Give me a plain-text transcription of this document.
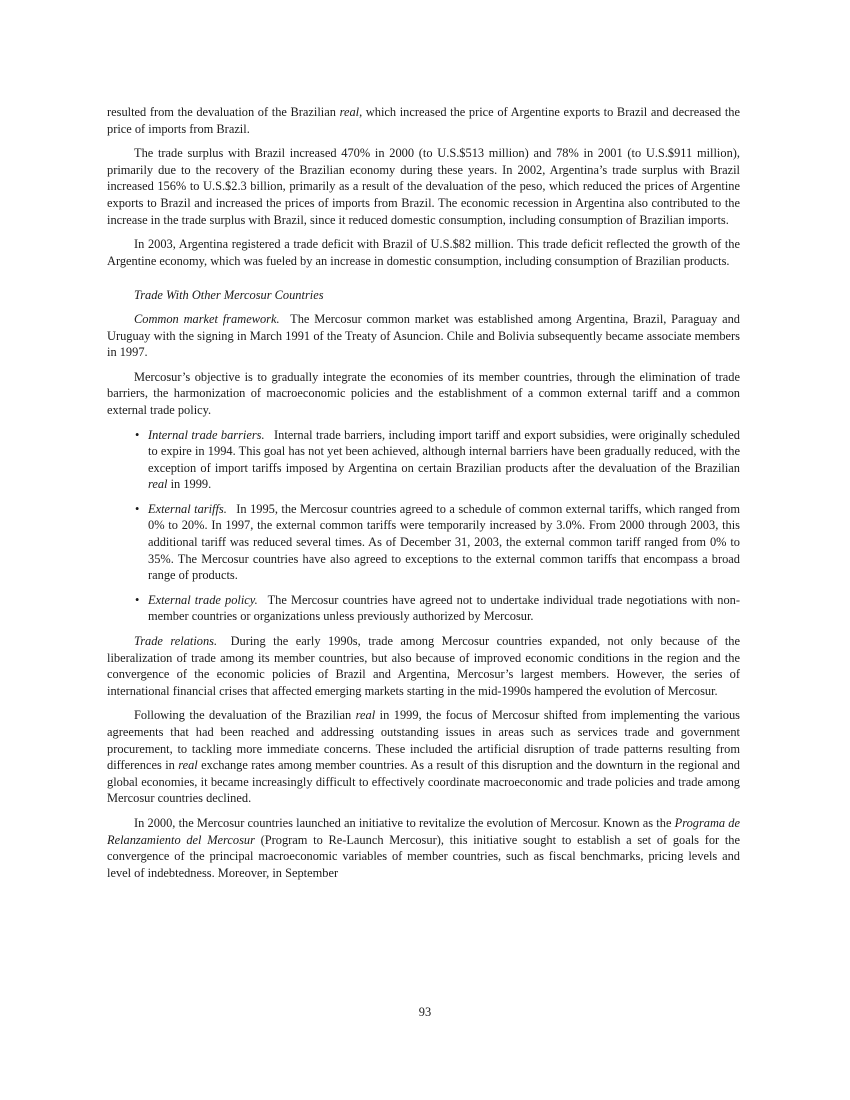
resulted from the devaluation of the Brazilian real, which increased the price of Argentine exports to Brazil and decreased the price of imports from Brazil.

The trade surplus with Brazil increased 470% in 2000 (to U.S.$513 million) and 78% in 2001 (to U.S.$911 million), primarily due to the recovery of the Brazilian economy during these years. In 2002, Argentina’s trade surplus with Brazil increased 156% to U.S.$2.3 billion, primarily as a result of the devaluation of the peso, which reduced the prices of Argentine exports to Brazil and increased the prices of imports from Brazil. The economic recession in Argentina also contributed to the increase in the trade surplus with Brazil, since it reduced domestic consumption, including consumption of Brazilian imports.

In 2003, Argentina registered a trade deficit with Brazil of U.S.$82 million. This trade deficit reflected the growth of the Argentine economy, which was fueled by an increase in domestic consumption, including consumption of Brazilian products.

Trade With Other Mercosur Countries

Common market framework. The Mercosur common market was established among Argentina, Brazil, Paraguay and Uruguay with the signing in March 1991 of the Treaty of Asuncion. Chile and Bolivia subsequently became associate members in 1997.

Mercosur’s objective is to gradually integrate the economies of its member countries, through the elimination of trade barriers, the harmonization of macroeconomic policies and the establishment of a common external tariff and a common external trade policy.

• Internal trade barriers. Internal trade barriers, including import tariff and export subsidies, were originally scheduled to expire in 1994. This goal has not yet been achieved, although internal barriers have been gradually reduced, with the exception of import tariffs imposed by Argentina on certain Brazilian products after the devaluation of the Brazilian real in 1999.
• External tariffs. In 1995, the Mercosur countries agreed to a schedule of common external tariffs, which ranged from 0% to 20%. In 1997, the external common tariffs were temporarily increased by 3.0%. From 2000 through 2003, this additional tariff was reduced several times. As of December 31, 2003, the external common tariff ranged from 0% to 35%. The Mercosur countries have also agreed to exceptions to the external common tariffs that encompass a broad range of products.
• External trade policy. The Mercosur countries have agreed not to undertake individual trade negotiations with non-member countries or organizations unless previously authorized by Mercosur.

Trade relations. During the early 1990s, trade among Mercosur countries expanded, not only because of the liberalization of trade among its member countries, but also because of improved economic conditions in the region and the convergence of the economic policies of Brazil and Argentina, Mercosur’s largest members. However, the series of international financial crises that affected emerging markets starting in the mid-1990s hampered the evolution of Mercosur.

Following the devaluation of the Brazilian real in 1999, the focus of Mercosur shifted from implementing the various agreements that had been reached and addressing outstanding issues in areas such as services trade and government procurement, to tackling more immediate concerns. These included the artificial disruption of trade patterns resulting from differences in real exchange rates among member countries. As a result of this disruption and the downturn in the regional and global economies, it became increasingly difficult to effectively coordinate macroeconomic and trade policies and trade among Mercosur countries declined.

In 2000, the Mercosur countries launched an initiative to revitalize the evolution of Mercosur. Known as the Programa de Relanzamiento del Mercosur (Program to Re-Launch Mercosur), this initiative sought to establish a set of goals for the convergence of the principal macroeconomic variables of member countries, such as fiscal benchmarks, pricing levels and level of indebtedness. Moreover, in September

93
